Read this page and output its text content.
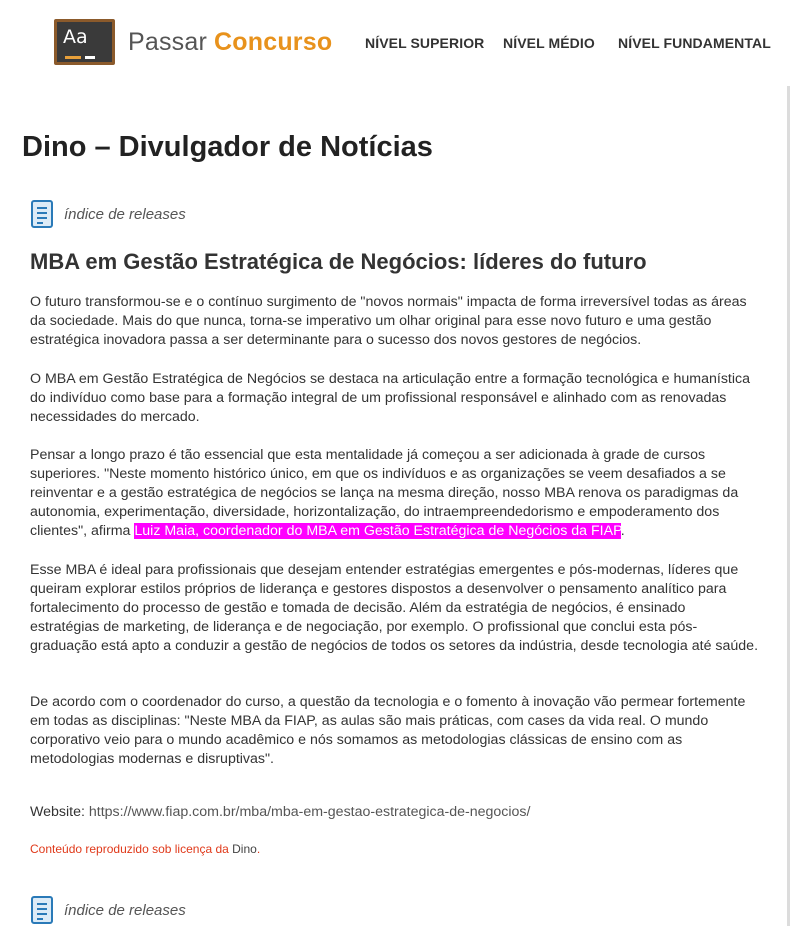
Aa Passar Concurso NÍVEL SUPERIOR NÍVEL MÉDIO NÍVEL FUNDAMENTAL
Dino – Divulgador de Notícias
índice de releases
MBA em Gestão Estratégica de Negócios: líderes do futuro

O futuro transformou-se e o contínuo surgimento de "novos normais" impacta de forma irreversível todas as áreas da sociedade. Mais do que nunca, torna-se imperativo um olhar original para esse novo futuro e uma gestão estratégica inovadora passa a ser determinante para o sucesso dos novos gestores de negócios.

O MBA em Gestão Estratégica de Negócios se destaca na articulação entre a formação tecnológica e humanística do indivíduo como base para a formação integral de um profissional responsável e alinhado com as renovadas necessidades do mercado.

Pensar a longo prazo é tão essencial que esta mentalidade já começou a ser adicionada à grade de cursos superiores. "Neste momento histórico único, em que os indivíduos e as organizações se veem desafiados a se reinventar e a gestão estratégica de negócios se lança na mesma direção, nosso MBA renova os paradigmas da autonomia, experimentação, diversidade, horizontalização, do intraempreendedorismo e empoderamento dos clientes", afirma Luiz Maia, coordenador do MBA em Gestão Estratégica de Negócios da FIAP.

Esse MBA é ideal para profissionais que desejam entender estratégias emergentes e pós-modernas, líderes que queiram explorar estilos próprios de liderança e gestores dispostos a desenvolver o pensamento analítico para fortalecimento do processo de gestão e tomada de decisão. Além da estratégia de negócios, é ensinado estratégias de marketing, de liderança e de negociação, por exemplo. O profissional que conclui esta pós-graduação está apto a conduzir a gestão de negócios de todos os setores da indústria, desde tecnologia até saúde.

De acordo com o coordenador do curso, a questão da tecnologia e o fomento à inovação vão permear fortemente em todas as disciplinas: "Neste MBA da FIAP, as aulas são mais práticas, com cases da vida real. O mundo corporativo veio para o mundo acadêmico e nós somamos as metodologias clássicas de ensino com as metodologias modernas e disruptivas".

Website: https://www.fiap.com.br/mba/mba-em-gestao-estrategica-de-negocios/
Conteúdo reproduzido sob licença da Dino.
índice de releases
